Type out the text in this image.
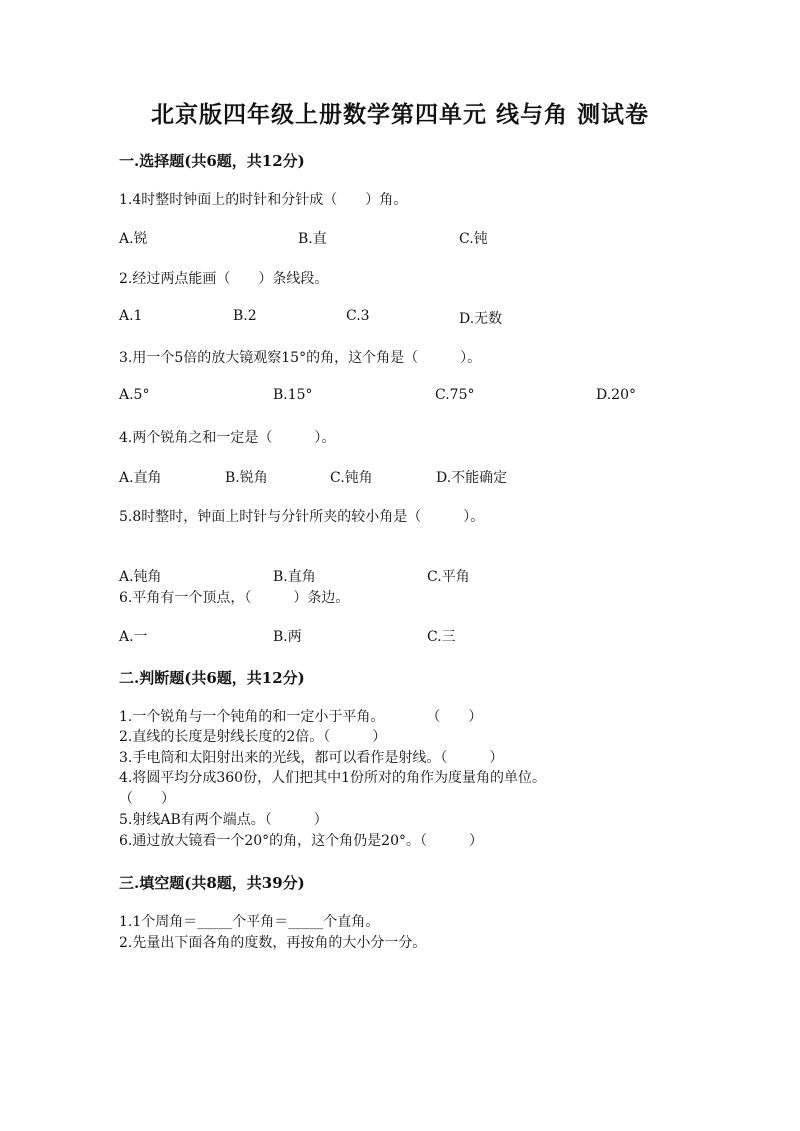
北京版四年级上册数学第四单元 线与角 测试卷
一.选择题(共6题，共12分)
1.4时整时钟面上的时针和分针成（　　）角。
A.锐	B.直	C.钝
2.经过两点能画（　　）条线段。
A.1	B.2	C.3	D.无数
3.用一个5倍的放大镜观察15°的角，这个角是（　　　）。
A.5°	B.15°	C.75°	D.20°
4.两个锐角之和一定是（　　　）。
A.直角	B.锐角	C.钝角	D.不能确定
5.8时整时，钟面上时针与分针所夹的较小角是（　　　）。
A.钝角	B.直角	C.平角
6.平角有一个顶点，（　　　）条边。
A.一	B.两	C.三
二.判断题(共6题，共12分)
1.一个锐角与一个钝角的和一定小于平角。　　　　（　　）
2.直线的长度是射线长度的2倍。（　　　）
3.手电筒和太阳射出来的光线，都可以看作是射线。（　　　）
4.将圆平均分成360份，人们把其中1份所对的角作为度量角的单位。
（　　）
5.射线AB有两个端点。（　　　）
6.通过放大镜看一个20°的角，这个角仍是20°。（　　　）
三.填空题(共8题，共39分)
1.1个周角＝_____个平角＝_____个直角。
2.先量出下面各角的度数，再按角的大小分一分。
